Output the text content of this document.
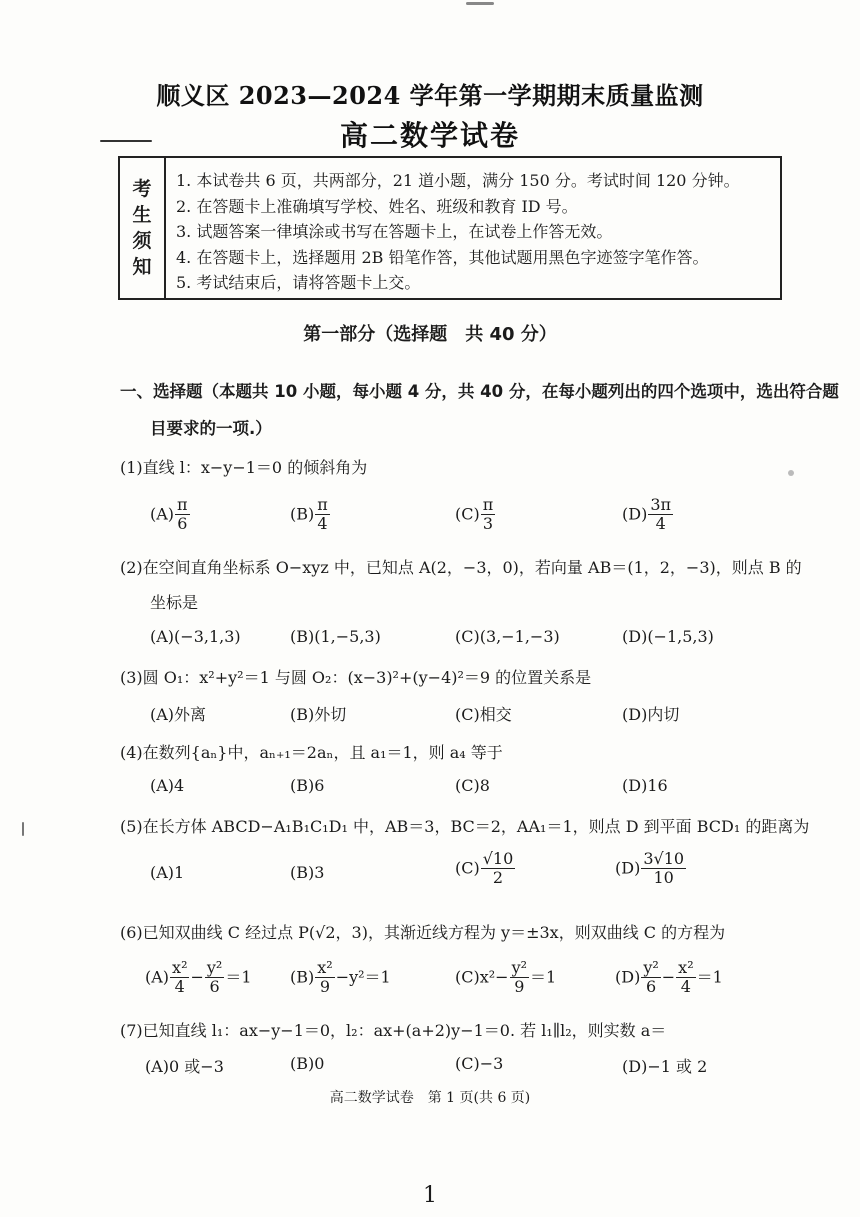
顺义区 2023—2024 学年第一学期期末质量监测
高二数学试卷
考
生
须
知
1. 本试卷共 6 页，共两部分，21 道小题，满分 150 分。考试时间 120 分钟。
2. 在答题卡上准确填写学校、姓名、班级和教育 ID 号。
3. 试题答案一律填涂或书写在答题卡上，在试卷上作答无效。
4. 在答题卡上，选择题用 2B 铅笔作答，其他试题用黑色字迹签字笔作答。
5. 考试结束后，请将答题卡上交。
第一部分（选择题　共 40 分）
一、选择题（本题共 10 小题，每小题 4 分，共 40 分，在每小题列出的四个选项中，选出符合题
目要求的一项.）
(1)直线 l：x−y−1＝0 的倾斜角为
$(A) \frac{\pi}{6}$	$(B) \frac{\pi}{4}$	$(C) \frac{\pi}{3}$	$(D) \frac{3\pi}{4}$
(2)在空间直角坐标系 O−xyz 中，已知点 A(2，−3，0)，若向量 AB＝(1，2，−3)，则点 B 的
坐标是
(A)(−3,1,3)	(B)(1,−5,3)	(C)(3,−1,−3)	(D)(−1,5,3)
(3)圆 O₁：x²+y²＝1 与圆 O₂：(x−3)²+(y−4)²＝9 的位置关系是
(A)外离	(B)外切	(C)相交	(D)内切
(4)在数列{aₙ}中，aₙ₊₁＝2aₙ，且 a₁＝1，则 a₄ 等于
(A)4	(B)6	(C)8	(D)16
(5)在长方体 ABCD−A₁B₁C₁D₁ 中，AB＝3，BC＝2，AA₁＝1，则点 D 到平面 BCD₁ 的距离为
(A)1	(B)3	$(C) \frac{√10}{2}$	$(D) \frac{3√10}{10}$
(6)已知双曲线 C 经过点 P(√2，3)，其渐近线方程为 y＝±3x，则双曲线 C 的方程为
$(A) \frac{\text{x²}}{4} - \frac{\text{y²}}{6} =1$ $(B) \frac{\text{x²}}{9} -y^2=1$	$(C)x^2- \frac{\text{y²}}{9} =1$	$(D) \frac{\text{y²}}{6} - \frac{\text{x²}}{4} =1$
(7)已知直线 l₁：ax−y−1＝0，l₂：ax+(a+2)y−1＝0. 若 l₁∥l₂，则实数 a＝
(A)0 或−3	(B)0	(C)−3	(D)−1 或 2
高二数学试卷　第 1 页(共 6 页)
1
